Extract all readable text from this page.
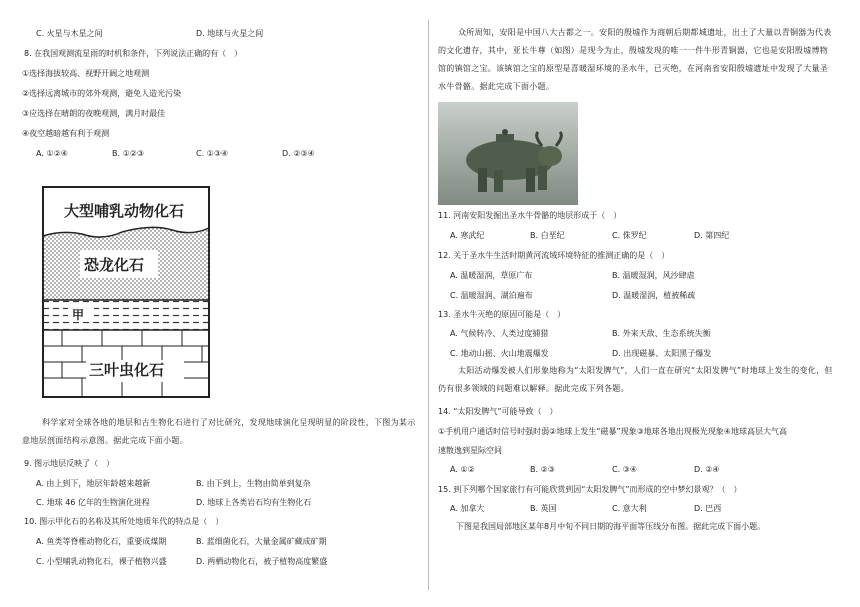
C. 火星与木星之间	D. 地球与火星之间
8. 在我国观测流星雨的时机和条件，下列说法正确的有（　）
①选择海拔较高、视野开阔之地观测
②选择远离城市的郊外观测，避免人造光污染
③应选择在晴朗的夜晚观测，满月时最佳
④夜空越暗越有利于观测
A. ①②④	B. ①②③	C. ①③④	D. ②③④
大型哺乳动物化石
恐龙化石
甲
三叶虫化石
科学家对全球各地的地层和古生物化石进行了对比研究，发现地球演化呈现明显的阶段性，下图为某示意地层剖面结构示意图。据此完成下面小题。
9. 图示地层反映了（　）
A. 由上到下，地层年龄越来越新	B. 由下到上，生物由简单到复杂
C. 地球 46 亿年的生物演化进程	D. 地球上各类岩石均有生物化石
10. 图示甲化石的名称及其所处地质年代的特点是（　）
A. 鱼类等脊椎动物化石，重要成煤期	B. 蓝细菌化石，大量金属矿藏成矿期
C. 小型哺乳动物化石，裸子植物兴盛	D. 两栖动物化石，被子植物高度繁盛
众所周知，安阳是中国八大古都之一。安阳的殷墟作为商朝后期都城遗址，出土了大量以青铜器为代表的文化遗存，其中，亚长牛尊（如图）是现今为止，殷墟发现的唯一一件牛形青铜器，它也是安阳殷墟博物馆的镇馆之宝。该镇馆之宝的原型是喜暖湿环境的圣水牛，已灭绝，在河南省安阳殷墟遗址中发现了大量圣水牛骨骼。据此完成下面小题。
11. 河南安阳发掘出圣水牛骨骼的地层形成于（　）
A. 寒武纪	B. 白垩纪	C. 侏罗纪	D. 第四纪
12. 关于圣水牛生活时期黄河流域环境特征的推测正确的是（　）
A. 温暖湿润，草原广布	B. 温暖湿润，风沙肆虐
C. 温暖湿润，湖泊遍布	D. 温暖湿润，植被稀疏
13. 圣水牛灭绝的原因可能是（　）
A. 气候转冷、人类过度捕猎	B. 外来天敌、生态系统失衡
C. 地动山摇、火山地震爆发	D. 出现磁暴、太阳黑子爆发
太阳活动爆发被人们形象地称为“太阳发脾气”，人们一直在研究“太阳发脾气”时地球上发生的变化，但仍有很多领域的问题难以解释。据此完成下列各题。
14. “太阳发脾气”可能导致（　）
①手机用户通话时信号时强时弱②地球上发生“磁暴”现象③地球各地出现极光现象④地球高层大气高
速散逸到星际空间
A. ①②	B. ②③	C. ③④	D. ②④
15. 到下列哪个国家旅行有可能欣赏到因“太阳发脾气”而形成的空中梦幻景观？（　）
A. 加拿大	B. 英国	C. 意大利	D. 巴西
下图是我国局部地区某年8月中旬不同日期的海平面等压线分布图。据此完成下面小题。
